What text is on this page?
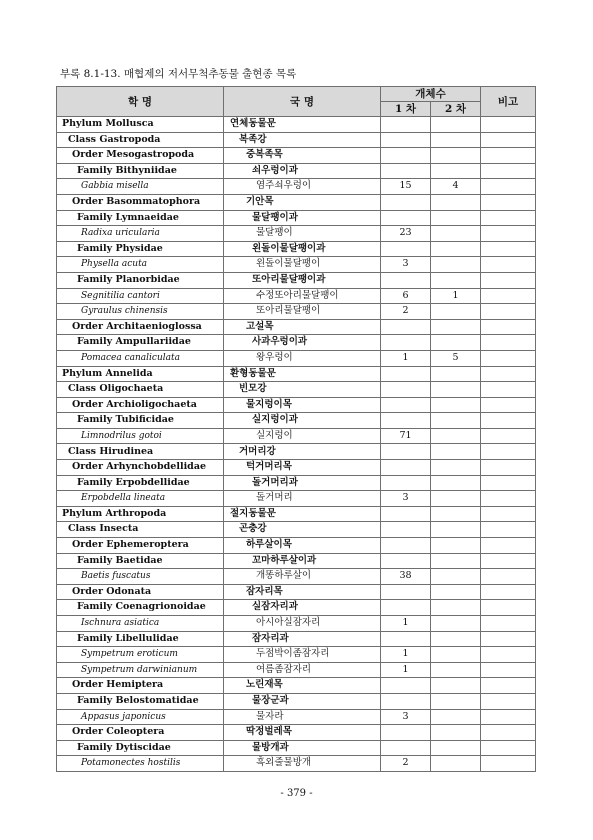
부록 8.1-13. 매협제의 저서무척추동물 출현종 목록
학 명	국 명	개체수		비고
		1 차	2 차	
Phylum Mollusca	연체동물문			
Class Gastropoda	복족강			
Order Mesogastropoda	중복족목			
Family Bithyniidae	쇠우렁이과			
Gabbia misella	염주쇠우렁이	15	4	
Order Basommatophora	기안목			
Family Lymnaeidae	물달팽이과			
Radixa uricularia	물달팽이	23		
Family Physidae	왼돌이물달팽이과			
Physella acuta	왼돌이물달팽이	3		
Family Planorbidae	또아리물달팽이과			
Segnitilia cantori	수정또아리물달팽이	6	1	
Gyraulus chinensis	또아리물달팽이	2		
Order Architaenioglossa	고설목			
Family Ampullariidae	사과우렁이과			
Pomacea canaliculata	왕우렁이	1	5	
Phylum Annelida	환형동물문			
Class Oligochaeta	빈모강			
Order Archioligochaeta	물지렁이목			
Family Tubificidae	실지렁이과			
Limnodrilus gotoi	실지렁이	71		
Class Hirudinea	거머리강			
Order Arhynchobdellidae	턱거머리목			
Family Erpobdellidae	돌거머리과			
Erpobdella lineata	돌거머리	3		
Phylum Arthropoda	절지동물문			
Class Insecta	곤충강			
Order Ephemeroptera	하루살이목			
Family Baetidae	꼬마하루살이과			
Baetis fuscatus	개똥하루살이	38		
Order Odonata	잠자리목			
Family Coenagrionoidae	실잠자리과			
Ischnura asiatica	아시아실잠자리	1		
Family Libellulidae	잠자리과			
Sympetrum eroticum	두점박이좀잠자리	1		
Sympetrum darwinianum	여름좀잠자리	1		
Order Hemiptera	노린재목			
Family Belostomatidae	물장군과			
Appasus japonicus	물자라	3		
Order Coleoptera	딱정벌레목			
Family Dytiscidae	물방개과			
Potamonectes hostilis	흑외줄물방개	2		
- 379 -
